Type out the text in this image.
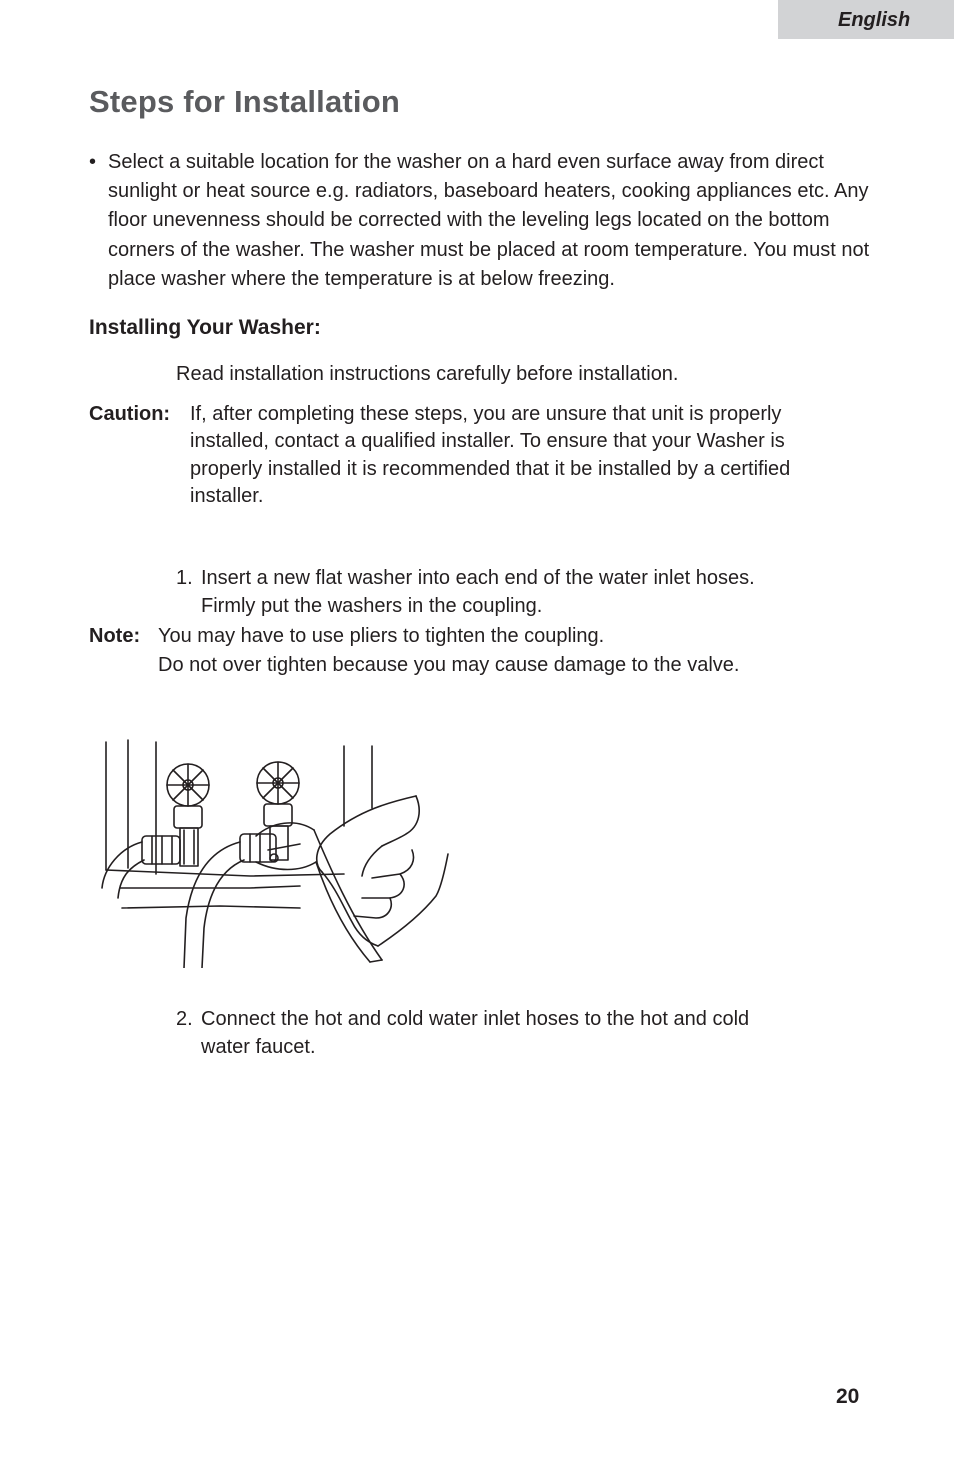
English
Steps for Installation
• Select a suitable location for the washer on a hard even surface away from direct sunlight or heat source e.g. radiators, baseboard heaters, cooking appliances etc. Any floor unevenness should be corrected with the leveling legs located on the bottom corners of the washer. The washer must be placed at room temperature. You must not place washer where the temperature is at below freezing.
Installing Your Washer:
Read installation instructions carefully before installation.
Caution: If, after completing these steps, you are unsure that unit is properly installed, contact a qualified installer. To ensure that your Washer is properly installed it is recommended that it be installed by a certified installer.
1. Insert a new flat washer into each end of the water inlet hoses. Firmly put the washers in the coupling.
Note: You may have to use pliers to tighten the coupling.
Do not over tighten because you may cause damage to the valve.
2. Connect the hot and cold water inlet hoses to the hot and cold water faucet.
20
